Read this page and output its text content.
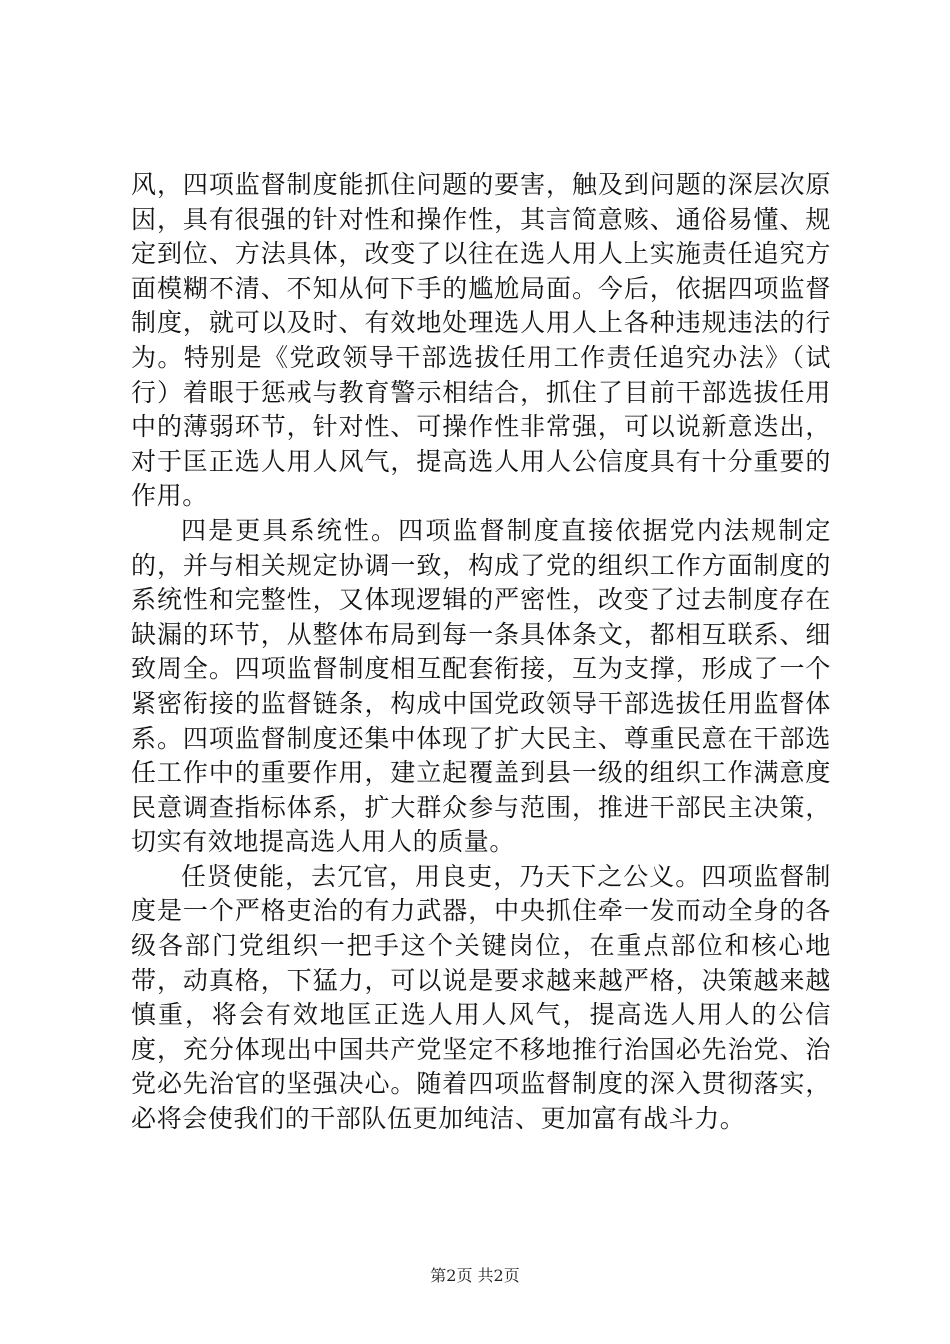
风，四项监督制度能抓住问题的要害，触及到问题的深层次原因，具有很强的针对性和操作性，其言简意赅、通俗易懂、规定到位、方法具体，改变了以往在选人用人上实施责任追究方面模糊不清、不知从何下手的尴尬局面。今后，依据四项监督制度，就可以及时、有效地处理选人用人上各种违规违法的行为。特别是《党政领导干部选拔任用工作责任追究办法》（试行）着眼于惩戒与教育警示相结合，抓住了目前干部选拔任用中的薄弱环节，针对性、可操作性非常强，可以说新意迭出，对于匡正选人用人风气，提高选人用人公信度具有十分重要的作用。

四是更具系统性。四项监督制度直接依据党内法规制定的，并与相关规定协调一致，构成了党的组织工作方面制度的系统性和完整性，又体现逻辑的严密性，改变了过去制度存在缺漏的环节，从整体布局到每一条具体条文，都相互联系、细致周全。四项监督制度相互配套衔接，互为支撑，形成了一个紧密衔接的监督链条，构成中国党政领导干部选拔任用监督体系。四项监督制度还集中体现了扩大民主、尊重民意在干部选任工作中的重要作用，建立起覆盖到县一级的组织工作满意度民意调查指标体系，扩大群众参与范围，推进干部民主决策，切实有效地提高选人用人的质量。

任贤使能，去冗官，用良吏，乃天下之公义。四项监督制度是一个严格吏治的有力武器，中央抓住牵一发而动全身的各级各部门党组织一把手这个关键岗位，在重点部位和核心地带，动真格，下猛力，可以说是要求越来越严格，决策越来越慎重，将会有效地匡正选人用人风气，提高选人用人的公信度，充分体现出中国共产党坚定不移地推行治国必先治党、治党必先治官的坚强决心。随着四项监督制度的深入贯彻落实，必将会使我们的干部队伍更加纯洁、更加富有战斗力。

第2页 共2页
